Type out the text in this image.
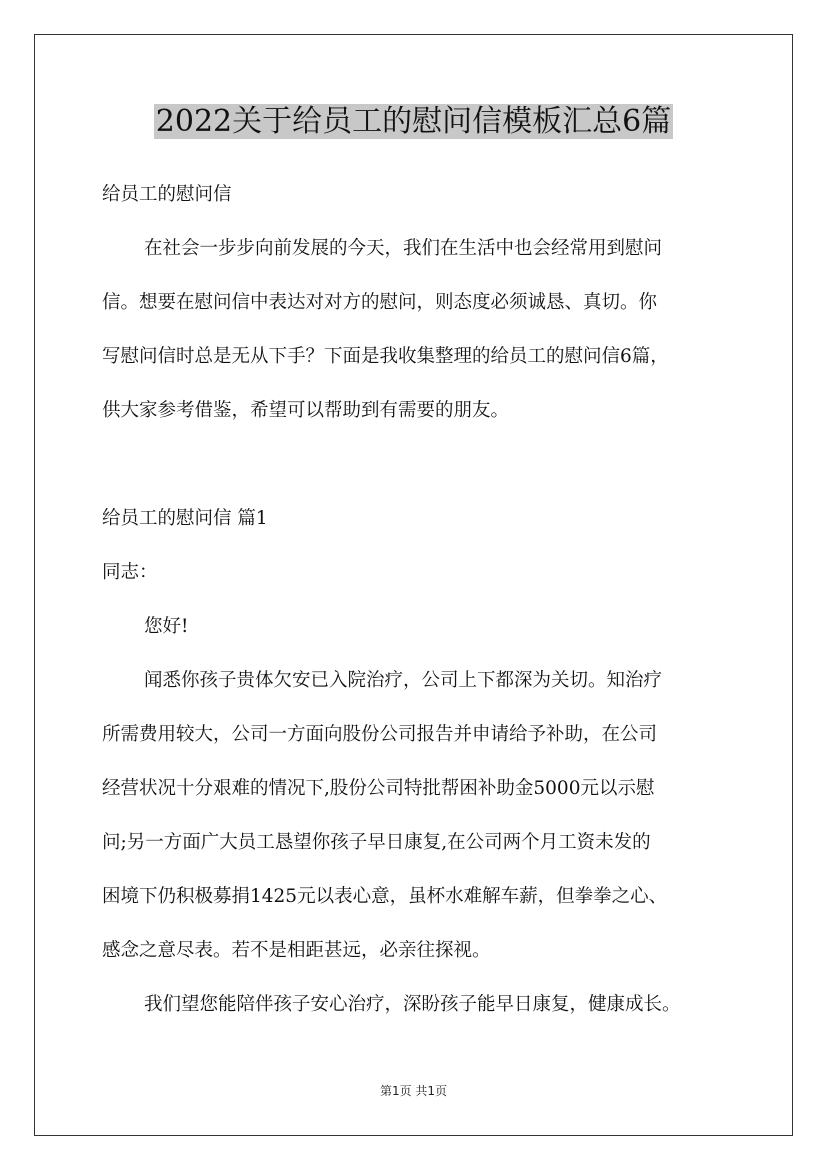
2022关于给员工的慰问信模板汇总6篇

给员工的慰问信

在社会一步步向前发展的今天，我们在生活中也会经常用到慰问

信。想要在慰问信中表达对对方的慰问，则态度必须诚恳、真切。你

写慰问信时总是无从下手？下面是我收集整理的给员工的慰问信6篇，

供大家参考借鉴，希望可以帮助到有需要的朋友。

给员工的慰问信 篇1

同志：

您好!

闻悉你孩子贵体欠安已入院治疗，公司上下都深为关切。知治疗

所需费用较大，公司一方面向股份公司报告并申请给予补助，在公司

经营状况十分艰难的情况下,股份公司特批帮困补助金5000元以示慰

问;另一方面广大员工恳望你孩子早日康复,在公司两个月工资未发的

困境下仍积极募捐1425元以表心意，虽杯水难解车薪，但拳拳之心、

感念之意尽表。若不是相距甚远，必亲往探视。

我们望您能陪伴孩子安心治疗，深盼孩子能早日康复，健康成长。

第1页 共1页
